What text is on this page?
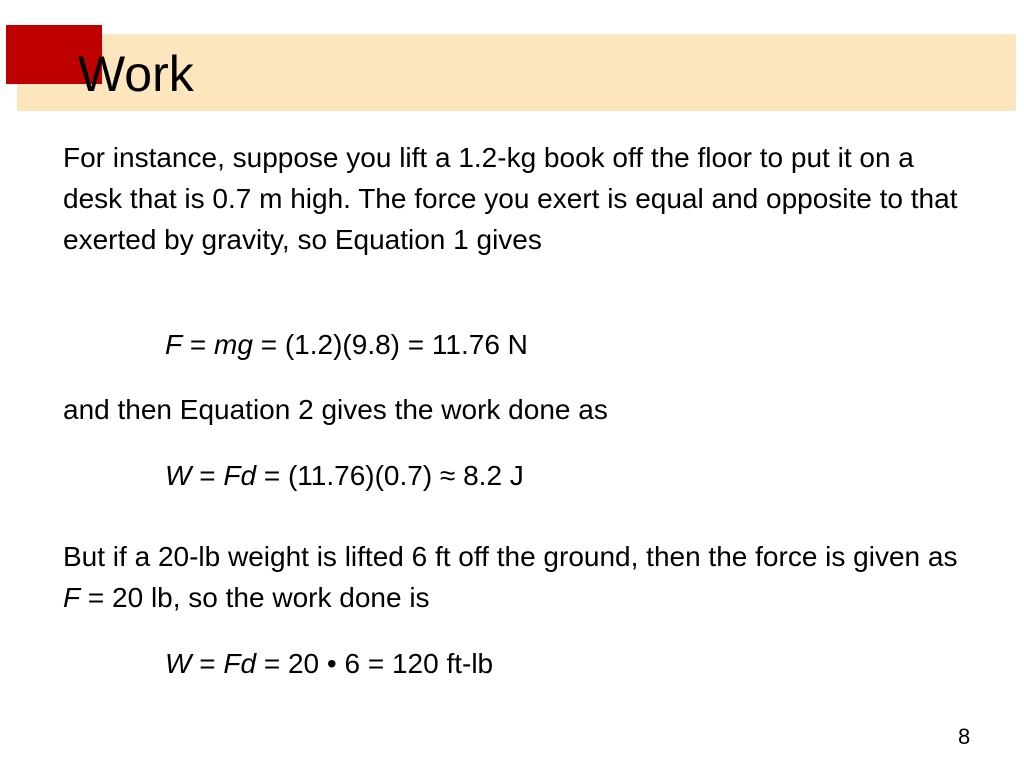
Work

For instance, suppose you lift a 1.2-kg book off the floor to put it on a desk that is 0.7 m high. The force you exert is equal and opposite to that exerted by gravity, so Equation 1 gives

F = mg = (1.2)(9.8) = 11.76 N

and then Equation 2 gives the work done as

W = Fd = (11.76)(0.7) ≈ 8.2 J

But if a 20-lb weight is lifted 6 ft off the ground, then the force is given as F = 20 lb, so the work done is

W = Fd = 20 • 6 = 120 ft-lb

8
